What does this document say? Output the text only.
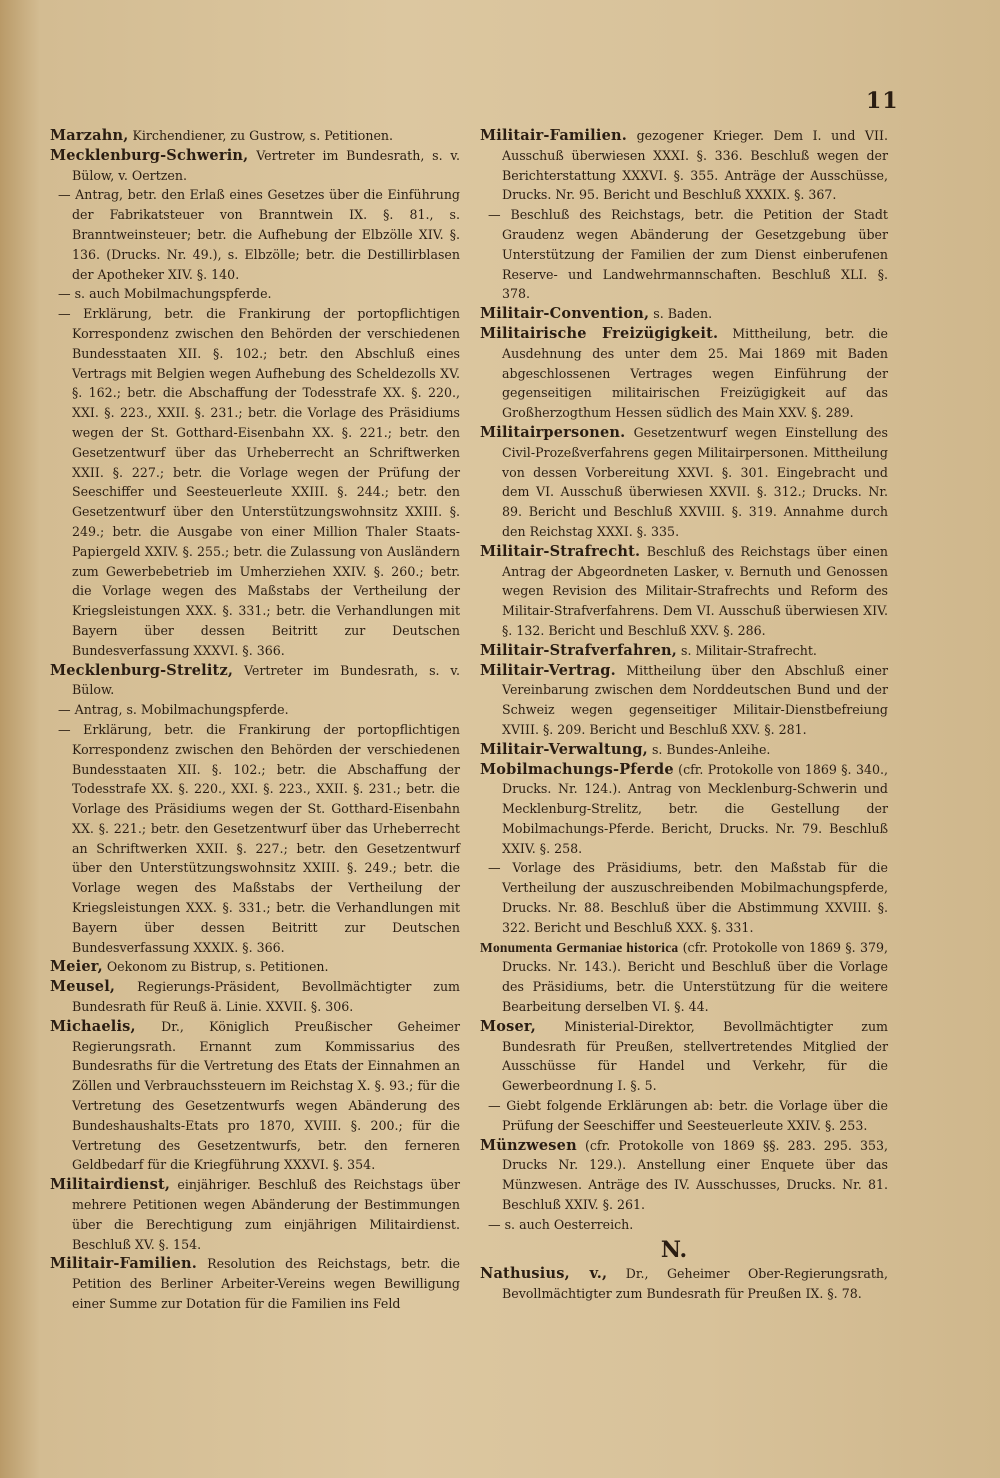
11
Marzahn, Kirchendiener, zu Gustrow, s. Petitionen.
Mecklenburg-Schwerin, Vertreter im Bundesrath, s. v. Bülow, v. Oertzen.
— Antrag, betr. den Erlaß eines Gesetzes über die Einführung der Fabrikatsteuer von Branntwein IX. §. 81., s. Branntweinsteuer; betr. die Aufhebung der Elbzölle XIV. §. 136. (Drucks. Nr. 49.), s. Elbzölle; betr. die Destillirblasen der Apotheker XIV. §. 140.
— s. auch Mobilmachungspferde.
— Erklärung, betr. die Frankirung der portopflichtigen Korrespondenz zwischen den Behörden der verschiedenen Bundesstaaten XII. §. 102.; betr. den Abschluß eines Vertrags mit Belgien wegen Aufhebung des Scheldezolls XV. §. 162.; betr. die Abschaffung der Todesstrafe XX. §. 220., XXI. §. 223., XXII. §. 231.; betr. die Vorlage des Präsidiums wegen der St. Gotthard-Eisenbahn XX. §. 221.; betr. den Gesetzentwurf über das Urheberrecht an Schriftwerken XXII. §. 227.; betr. die Vorlage wegen der Prüfung der Seeschiffer und Seesteuerleute XXIII. §. 244.; betr. den Gesetzentwurf über den Unterstützungswohnsitz XXIII. §. 249.; betr. die Ausgabe von einer Million Thaler Staats-Papiergeld XXIV. §. 255.; betr. die Zulassung von Ausländern zum Gewerbebetrieb im Umherziehen XXIV. §. 260.; betr. die Vorlage wegen des Maßstabs der Vertheilung der Kriegsleistungen XXX. §. 331.; betr. die Verhandlungen mit Bayern über dessen Beitritt zur Deutschen Bundesverfassung XXXVI. §. 366.
Mecklenburg-Strelitz, Vertreter im Bundesrath, s. v. Bülow.
— Antrag, s. Mobilmachungspferde.
— Erklärung, betr. die Frankirung der portopflichtigen Korrespondenz zwischen den Behörden der verschiedenen Bundesstaaten XII. §. 102.; betr. die Abschaffung der Todesstrafe XX. §. 220., XXI. §. 223., XXII. §. 231.; betr. die Vorlage des Präsidiums wegen der St. Gotthard-Eisenbahn XX. §. 221.; betr. den Gesetzentwurf über das Urheberrecht an Schriftwerken XXII. §. 227.; betr. den Gesetzentwurf über den Unterstützungswohnsitz XXIII. §. 249.; betr. die Vorlage wegen des Maßstabs der Vertheilung der Kriegsleistungen XXX. §. 331.; betr. die Verhandlungen mit Bayern über dessen Beitritt zur Deutschen Bundesverfassung XXXIX. §. 366.
Meier, Oekonom zu Bistrup, s. Petitionen.
Meusel, Regierungs-Präsident, Bevollmächtigter zum Bundesrath für Reuß ä. Linie. XXVII. §. 306.
Michaelis, Dr., Königlich Preußischer Geheimer Regierungsrath. Ernannt zum Kommissarius des Bundesraths für die Vertretung des Etats der Einnahmen an Zöllen und Verbrauchssteuern im Reichstag X. §. 93.; für die Vertretung des Gesetzentwurfs wegen Abänderung des Bundeshaushalts-Etats pro 1870, XVIII. §. 200.; für die Vertretung des Gesetzentwurfs, betr. den ferneren Geldbedarf für die Kriegführung XXXVI. §. 354.
Militairdienst, einjähriger. Beschluß des Reichstags über mehrere Petitionen wegen Abänderung der Bestimmungen über die Berechtigung zum einjährigen Militairdienst. Beschluß XV. §. 154.
Militair-Familien. Resolution des Reichstags, betr. die Petition des Berliner Arbeiter-Vereins wegen Bewilligung einer Summe zur Dotation für die Familien ins Feld
Militair-Familien. gezogener Krieger. Dem I. und VII. Ausschuß überwiesen XXXI. §. 336. Beschluß wegen der Berichterstattung XXXVI. §. 355. Anträge der Ausschüsse, Drucks. Nr. 95. Bericht und Beschluß XXXIX. §. 367.
— Beschluß des Reichstags, betr. die Petition der Stadt Graudenz wegen Abänderung der Gesetzgebung über Unterstützung der Familien der zum Dienst einberufenen Reserve- und Landwehrmannschaften. Beschluß XLI. §. 378.
Militair-Convention, s. Baden.
Militairische Freizügigkeit. Mittheilung, betr. die Ausdehnung des unter dem 25. Mai 1869 mit Baden abgeschlossenen Vertrages wegen Einführung der gegenseitigen militairischen Freizügigkeit auf das Großherzogthum Hessen südlich des Main XXV. §. 289.
Militairpersonen. Gesetzentwurf wegen Einstellung des Civil-Prozeßverfahrens gegen Militairpersonen. Mittheilung von dessen Vorbereitung XXVI. §. 301. Eingebracht und dem VI. Ausschuß überwiesen XXVII. §. 312.; Drucks. Nr. 89. Bericht und Beschluß XXVIII. §. 319. Annahme durch den Reichstag XXXI. §. 335.
Militair-Strafrecht. Beschluß des Reichstags über einen Antrag der Abgeordneten Lasker, v. Bernuth und Genossen wegen Revision des Militair-Strafrechts und Reform des Militair-Strafverfahrens. Dem VI. Ausschuß überwiesen XIV. §. 132. Bericht und Beschluß XXV. §. 286.
Militair-Strafverfahren, s. Militair-Strafrecht.
Militair-Vertrag. Mittheilung über den Abschluß einer Vereinbarung zwischen dem Norddeutschen Bund und der Schweiz wegen gegenseitiger Militair-Dienstbefreiung XVIII. §. 209. Bericht und Beschluß XXV. §. 281.
Militair-Verwaltung, s. Bundes-Anleihe.
Mobilmachungs-Pferde (cfr. Protokolle von 1869 §. 340., Drucks. Nr. 124.). Antrag von Mecklenburg-Schwerin und Mecklenburg-Strelitz, betr. die Gestellung der Mobilmachungs-Pferde. Bericht, Drucks. Nr. 79. Beschluß XXIV. §. 258.
— Vorlage des Präsidiums, betr. den Maßstab für die Vertheilung der auszuschreibenden Mobilmachungspferde, Drucks. Nr. 88. Beschluß über die Abstimmung XXVIII. §. 322. Bericht und Beschluß XXX. §. 331.
Monumenta Germaniae historica (cfr. Protokolle von 1869 §. 379, Drucks. Nr. 143.). Bericht und Beschluß über die Vorlage des Präsidiums, betr. die Unterstützung für die weitere Bearbeitung derselben VI. §. 44.
Moser, Ministerial-Direktor, Bevollmächtigter zum Bundesrath für Preußen, stellvertretendes Mitglied der Ausschüsse für Handel und Verkehr, für die Gewerbeordnung I. §. 5.
— Giebt folgende Erklärungen ab: betr. die Vorlage über die Prüfung der Seeschiffer und Seesteuerleute XXIV. §. 253.
Münzwesen (cfr. Protokolle von 1869 §§. 283. 295. 353, Drucks Nr. 129.). Anstellung einer Enquete über das Münzwesen. Anträge des IV. Ausschusses, Drucks. Nr. 81. Beschluß XXIV. §. 261.
— s. auch Oesterreich.
N.
Nathusius, v., Dr., Geheimer Ober-Regierungsrath, Bevollmächtigter zum Bundesrath für Preußen IX. §. 78.
